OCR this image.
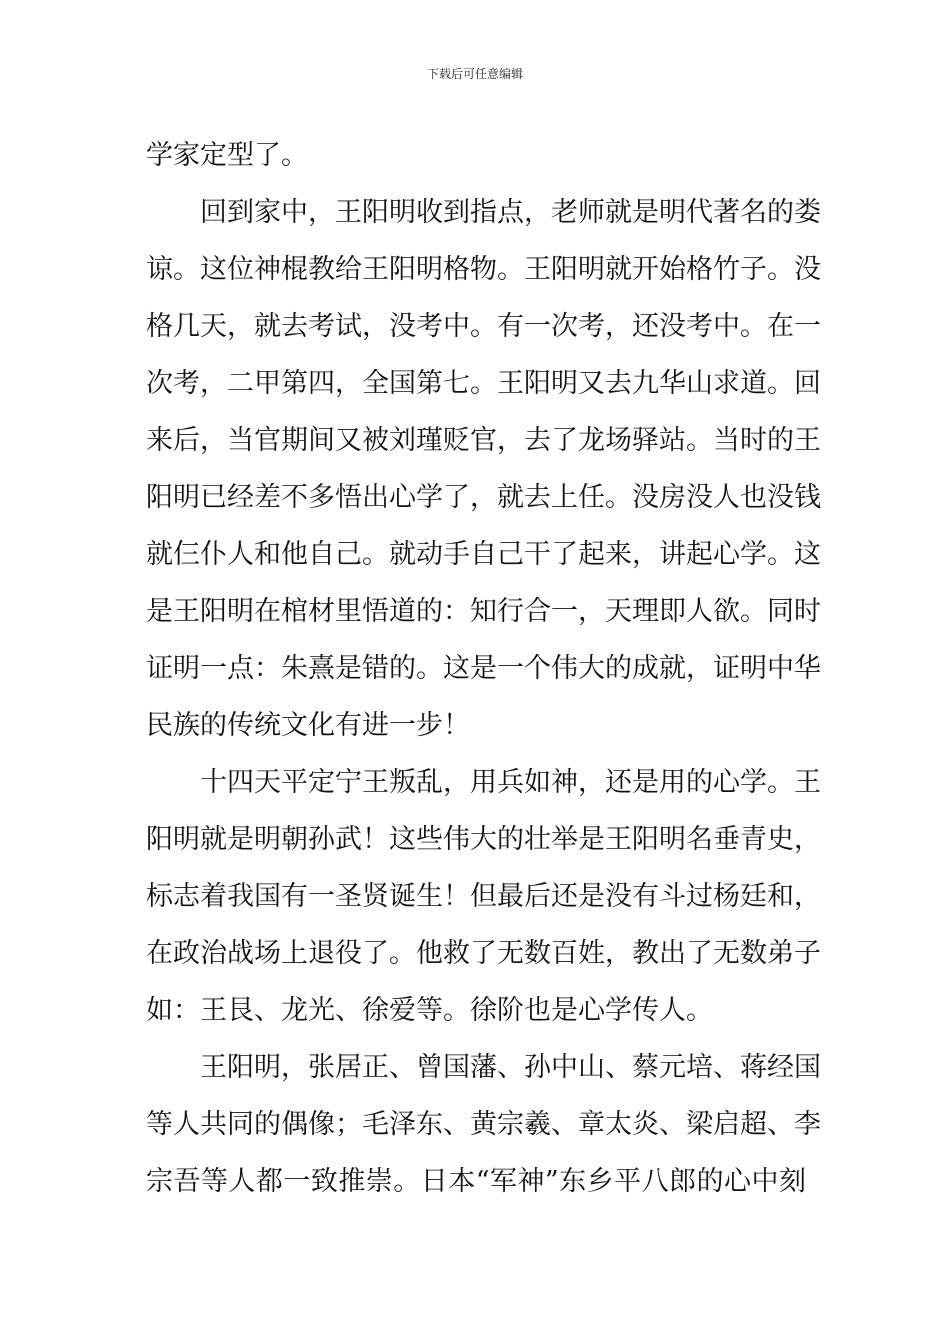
下载后可任意编辑
学家定型了。
回到家中，王阳明收到指点，老师就是明代著名的娄
谅。这位神棍教给王阳明格物。王阳明就开始格竹子。没
格几天，就去考试，没考中。有一次考，还没考中。在一
次考，二甲第四，全国第七。王阳明又去九华山求道。回
来后，当官期间又被刘瑾贬官，去了龙场驿站。当时的王
阳明已经差不多悟出心学了，就去上任。没房没人也没钱
就仨仆人和他自己。就动手自己干了起来，讲起心学。这
是王阳明在棺材里悟道的：知行合一，天理即人欲。同时
证明一点：朱熹是错的。这是一个伟大的成就，证明中华
民族的传统文化有进一步！
十四天平定宁王叛乱，用兵如神，还是用的心学。王
阳明就是明朝孙武！这些伟大的壮举是王阳明名垂青史，
标志着我国有一圣贤诞生！但最后还是没有斗过杨廷和，
在政治战场上退役了。他救了无数百姓，教出了无数弟子
如：王艮、龙光、徐爱等。徐阶也是心学传人。
王阳明，张居正、曾国藩、孙中山、蔡元培、蒋经国
等人共同的偶像；毛泽东、黄宗羲、章太炎、梁启超、李
宗吾等人都一致推崇。日本“军神”东乡平八郎的心中刻
